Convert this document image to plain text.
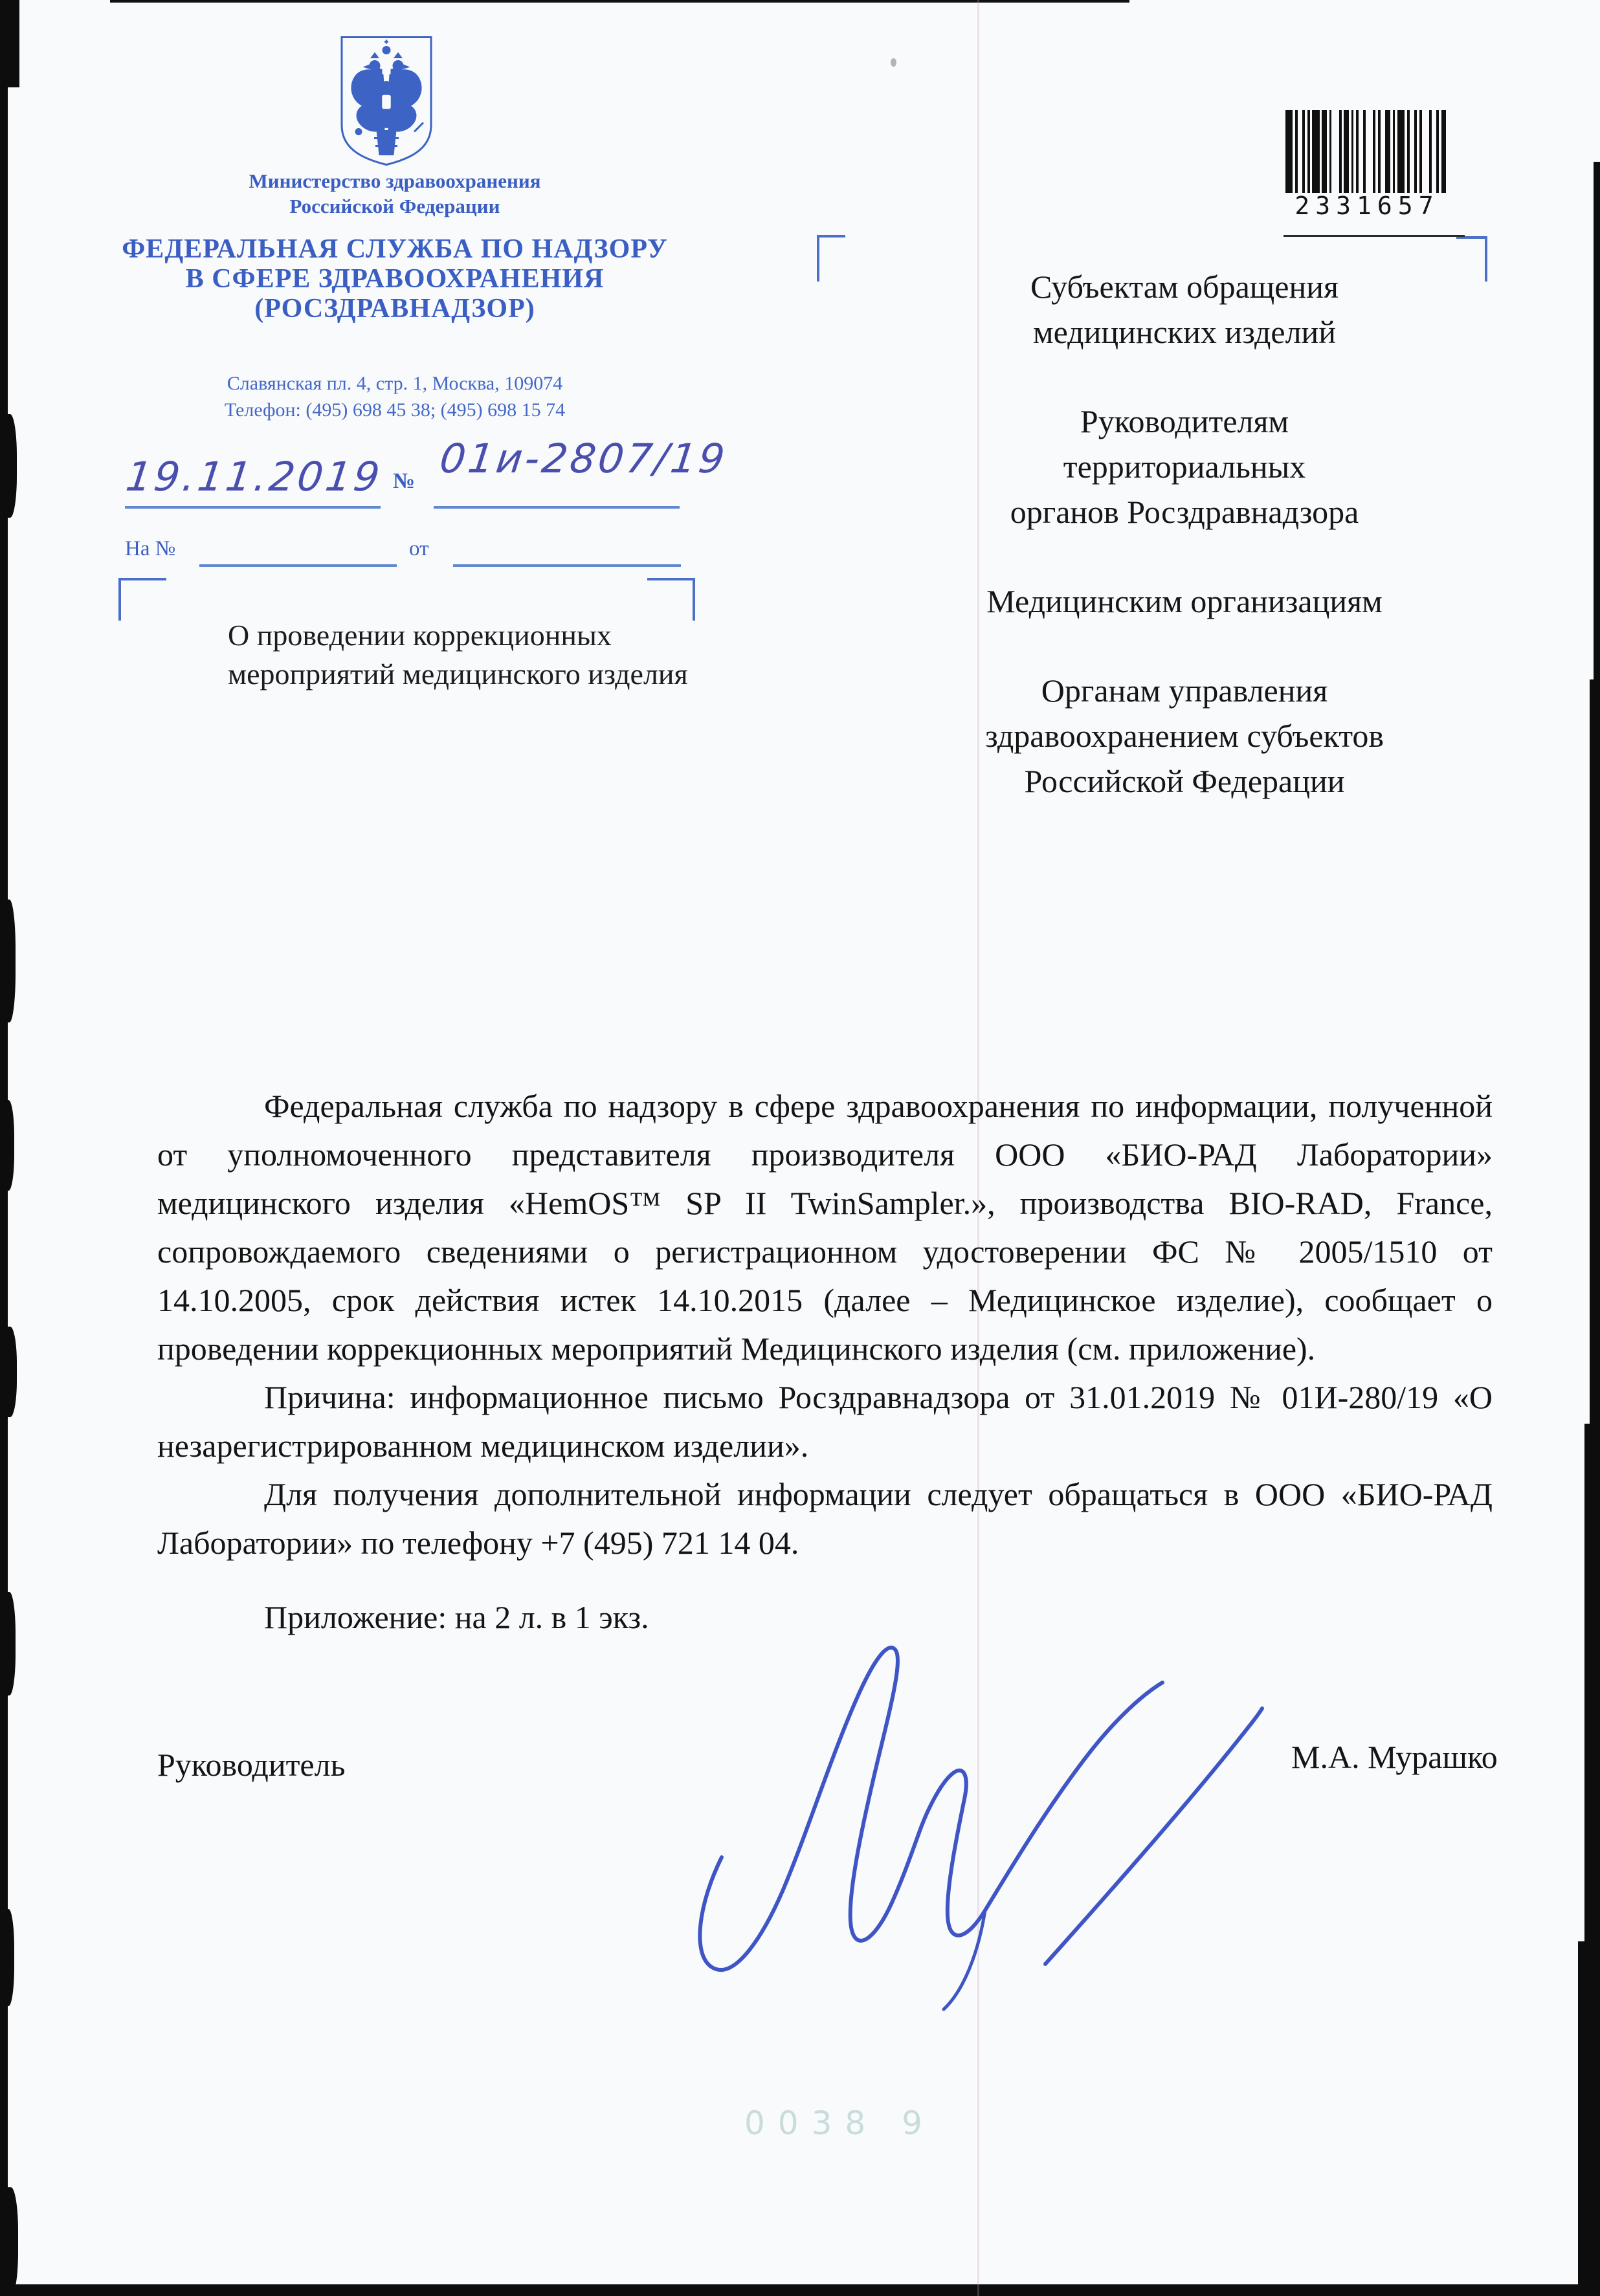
Министерство здравоохранения
Российской Федерации
ФЕДЕРАЛЬНАЯ СЛУЖБА ПО НАДЗОРУ
В СФЕРЕ ЗДРАВООХРАНЕНИЯ
(РОСЗДРАВНАДЗОР)
Славянская пл. 4, стр. 1, Москва, 109074
Телефон: (495) 698 45 38; (495) 698 15 74
19.11.2019 № 01и-2807/19
На №	от
О проведении коррекционных
мероприятий медицинского изделия
2331657
Субъектам обращения
медицинских изделий
Руководителям
территориальных
органов Росздравнадзора
Медицинским организациям
Органам управления
здравоохранением субъектов
Российской Федерации

Федеральная служба по надзору в сфере здравоохранения по информации, полученной от уполномоченного представителя производителя ООО «БИО-РАД Лаборатории» медицинского изделия «HemOS™ SP II TwinSampler.», производства BIO-RAD, France, сопровождаемого сведениями о регистрационном удостоверении ФС № 2005/1510 от 14.10.2005, срок действия истек 14.10.2015 (далее – Медицинское изделие), сообщает о проведении коррекционных мероприятий Медицинского изделия (см. приложение).

Причина: информационное письмо Росздравнадзора от 31.01.2019 № 01И-280/19 «О незарегистрированном медицинском изделии».

Для получения дополнительной информации следует обращаться в ООО «БИО-РАД Лаборатории» по телефону +7 (495) 721 14 04.

Приложение: на 2 л. в 1 экз.

Руководитель	М.А. Мурашко
0038 9
